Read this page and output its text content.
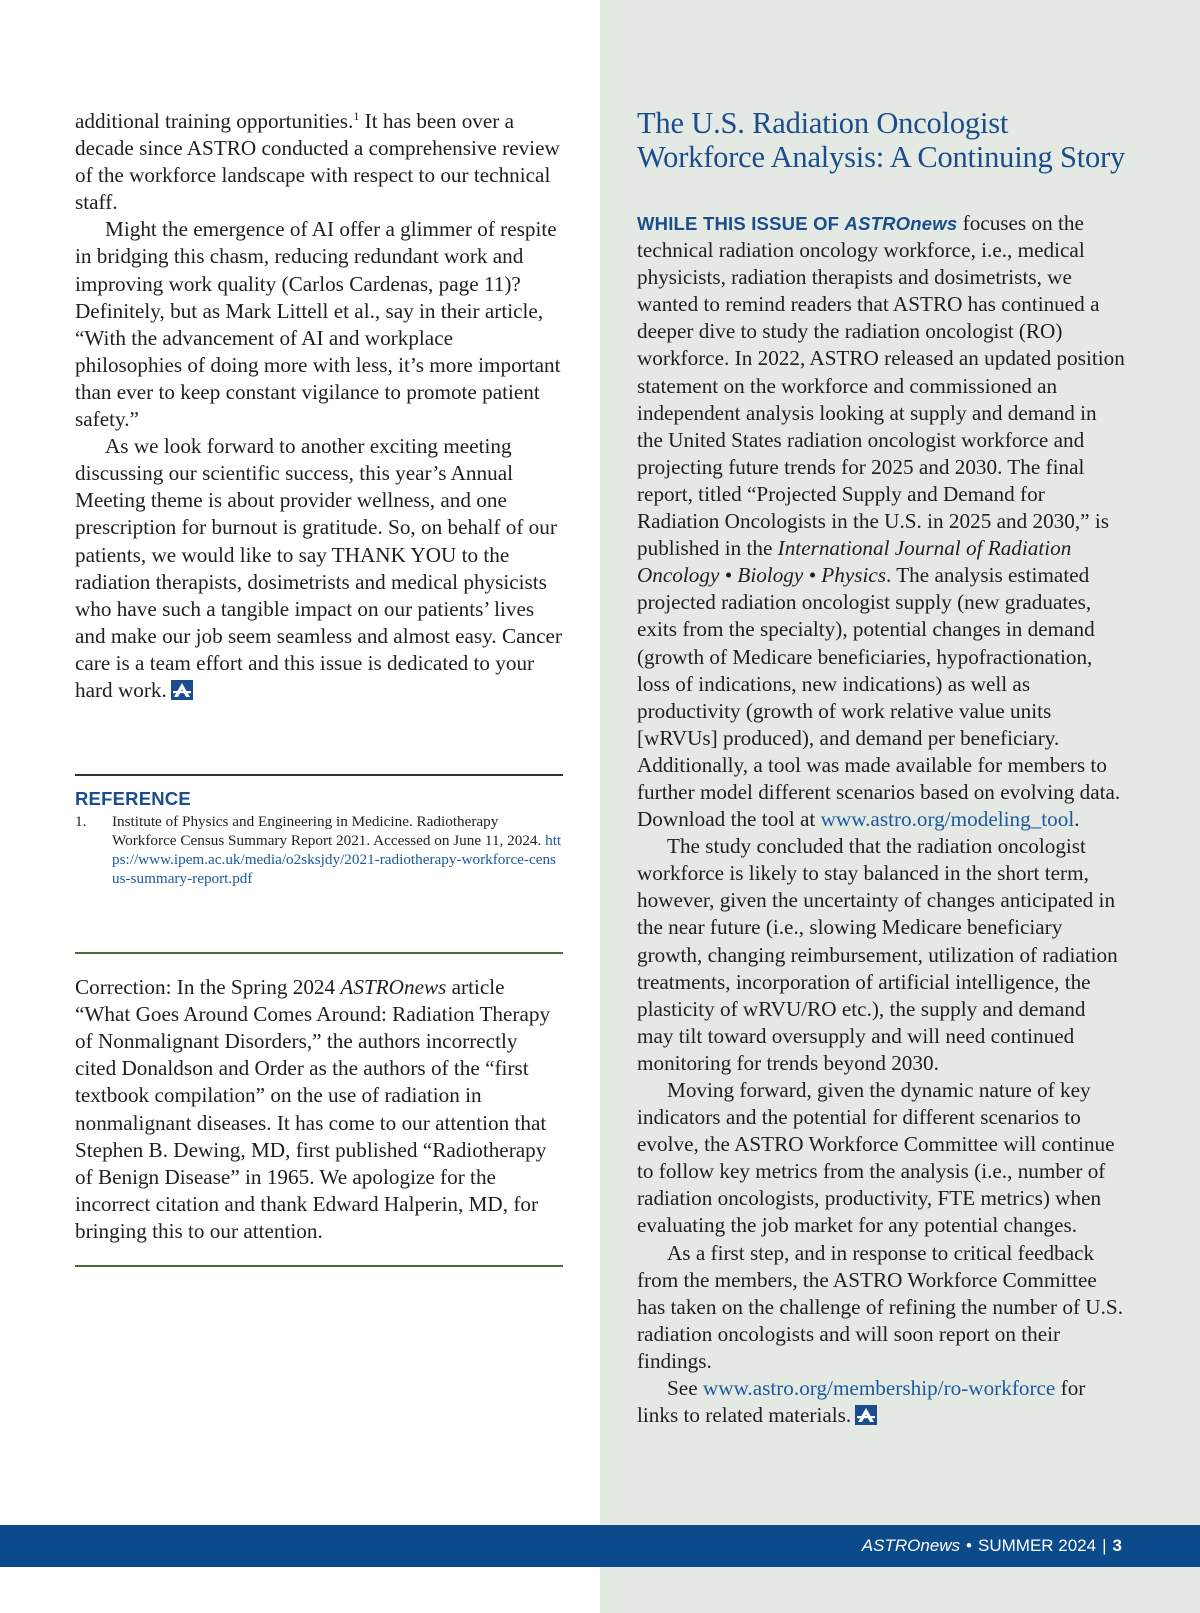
additional training opportunities.$^1$ It has been over a decade since ASTRO conducted a comprehensive review of the workforce landscape with respect to our technical staff.

Might the emergence of AI offer a glimmer of respite in bridging this chasm, reducing redundant work and improving work quality (Carlos Cardenas, page 11)? Definitely, but as Mark Littell et al., say in their article, “With the advancement of AI and workplace philosophies of doing more with less, it’s more important than ever to keep constant vigilance to promote patient safety.”

As we look forward to another exciting meeting discussing our scientific success, this year’s Annual Meeting theme is about provider wellness, and one prescription for burnout is gratitude. So, on behalf of our patients, we would like to say THANK YOU to the radiation therapists, dosimetrists and medical physicists who have such a tangible impact on our patients’ lives and make our job seem seamless and almost easy. Cancer care is a team effort and this issue is dedicated to your hard work.

REFERENCE
1.	Institute of Physics and Engineering in Medicine. Radiotherapy Workforce Census Summary Report 2021. Accessed on June 11, 2024. https://www.ipem.ac.uk/media/o2sksjdy/2021-radiotherapy-workforce-census-summary-report.pdf

Correction: In the Spring 2024 ASTROnews article “What Goes Around Comes Around: Radiation Therapy of Nonmalignant Disorders,” the authors incorrectly cited Donaldson and Order as the authors of the “first textbook compilation” on the use of radiation in nonmalignant diseases. It has come to our attention that Stephen B. Dewing, MD, first published “Radiotherapy of Benign Disease” in 1965. We apologize for the incorrect citation and thank Edward Halperin, MD, for bringing this to our attention.

The U.S. Radiation Oncologist Workforce Analysis: A Continuing Story

WHILE THIS ISSUE OF ASTROnews focuses on the technical radiation oncology workforce, i.e., medical physicists, radiation therapists and dosimetrists, we wanted to remind readers that ASTRO has continued a deeper dive to study the radiation oncologist (RO) workforce. In 2022, ASTRO released an updated position statement on the workforce and commissioned an independent analysis looking at supply and demand in the United States radiation oncologist workforce and projecting future trends for 2025 and 2030. The final report, titled “Projected Supply and Demand for Radiation Oncologists in the U.S. in 2025 and 2030,” is published in the International Journal of Radiation Oncology • Biology • Physics. The analysis estimated projected radiation oncologist supply (new graduates, exits from the specialty), potential changes in demand (growth of Medicare beneficiaries, hypofractionation, loss of indications, new indications) as well as productivity (growth of work relative value units [wRVUs] produced), and demand per beneficiary. Additionally, a tool was made available for members to further model different scenarios based on evolving data. Download the tool at www.astro.org/modeling_tool.

The study concluded that the radiation oncologist workforce is likely to stay balanced in the short term, however, given the uncertainty of changes anticipated in the near future (i.e., slowing Medicare beneficiary growth, changing reimbursement, utilization of radiation treatments, incorporation of artificial intelligence, the plasticity of wRVU/RO etc.), the supply and demand may tilt toward oversupply and will need continued monitoring for trends beyond 2030.

Moving forward, given the dynamic nature of key indicators and the potential for different scenarios to evolve, the ASTRO Workforce Committee will continue to follow key metrics from the analysis (i.e., number of radiation oncologists, productivity, FTE metrics) when evaluating the job market for any potential changes.

As a first step, and in response to critical feedback from the members, the ASTRO Workforce Committee has taken on the challenge of refining the number of U.S. radiation oncologists and will soon report on their findings.

See www.astro.org/membership/ro-workforce for links to related materials.

ASTROnews • SUMMER 2024 | 3
